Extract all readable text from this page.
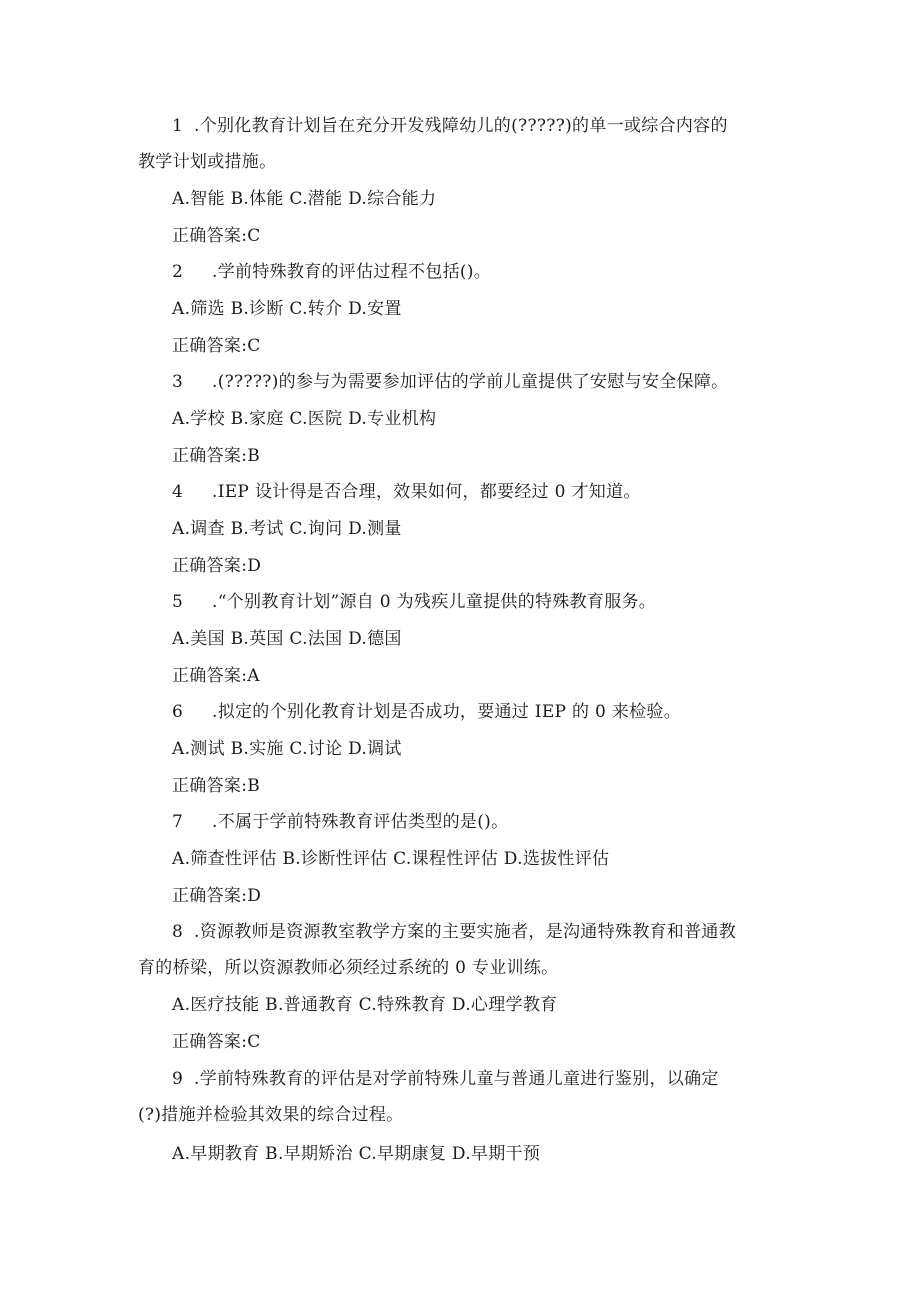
1 .个别化教育计划旨在充分开发残障幼儿的(?????)的单一或综合内容的
教学计划或措施。
A.智能 B.体能 C.潜能 D.综合能力
正确答案:C
2 .学前特殊教育的评估过程不包括()。
A.筛选 B.诊断 C.转介 D.安置
正确答案:C
3 .(?????)的参与为需要参加评估的学前儿童提供了安慰与安全保障。
A.学校 B.家庭 C.医院 D.专业机构
正确答案:B
4 .IEP 设计得是否合理，效果如何，都要经过 0 才知道。
A.调查 B.考试 C.询问 D.测量
正确答案:D
5 .“个别教育计划”源自 0 为残疾儿童提供的特殊教育服务。
A.美国 B.英国 C.法国 D.德国
正确答案:A
6 .拟定的个别化教育计划是否成功，要通过 IEP 的 0 来检验。
A.测试 B.实施 C.讨论 D.调试
正确答案:B
7 .不属于学前特殊教育评估类型的是()。
A.筛查性评估 B.诊断性评估 C.课程性评估 D.选拔性评估
正确答案:D
8 .资源教师是资源教室教学方案的主要实施者，是沟通特殊教育和普通教
育的桥梁，所以资源教师必须经过系统的 0 专业训练。
A.医疗技能 B.普通教育 C.特殊教育 D.心理学教育
正确答案:C
9 .学前特殊教育的评估是对学前特殊儿童与普通儿童进行鉴别，以确定
(?)措施并检验其效果的综合过程。
A.早期教育 B.早期矫治 C.早期康复 D.早期干预
